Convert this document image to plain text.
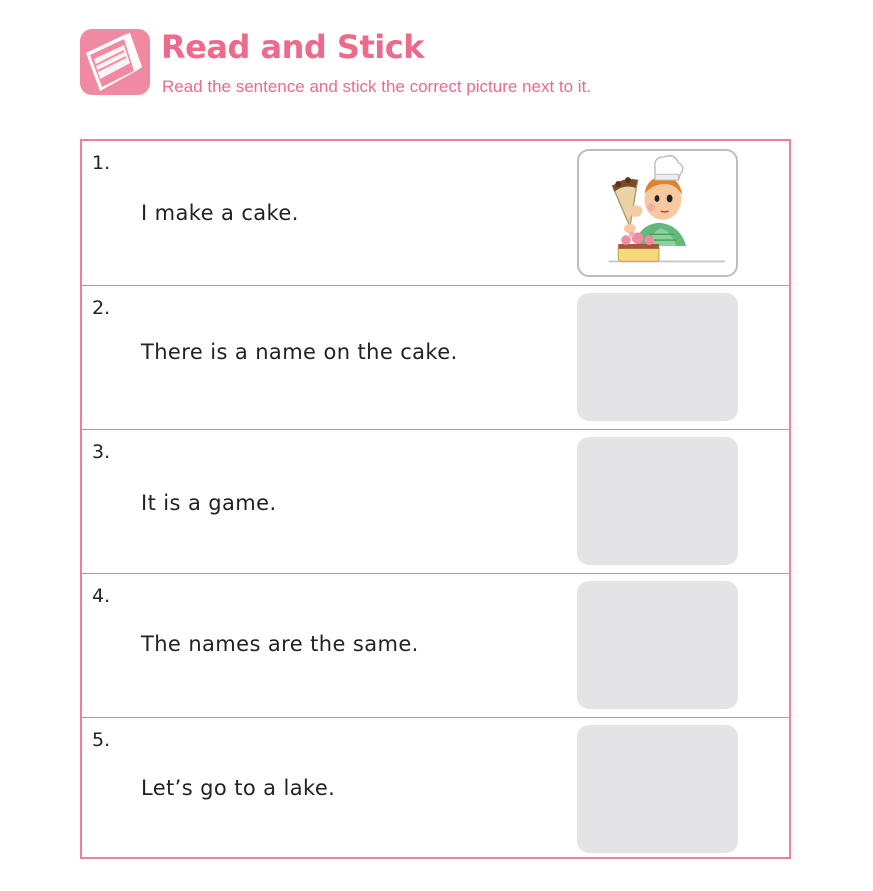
Read and Stick

Read the sentence and stick the correct picture next to it.

1.
I make a cake.
2.
There is a name on the cake.
3.
It is a game.
4.
The names are the same.
5.
Let’s go to a lake.
